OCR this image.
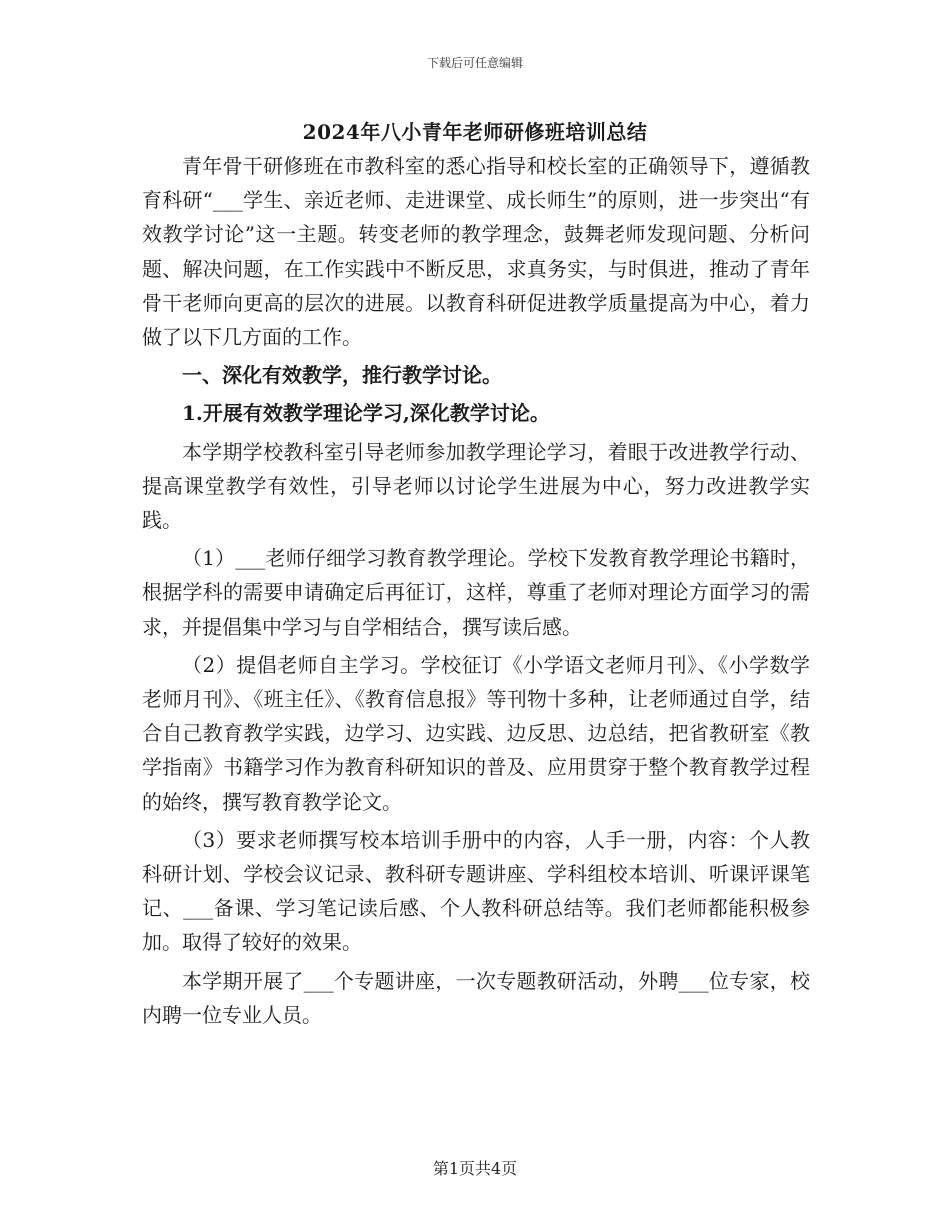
下载后可任意编辑
2024年八小青年老师研修班培训总结

青年骨干研修班在市教科室的悉心指导和校长室的正确领导下，遵循教育科研“___学生、亲近老师、走进课堂、成长师生”的原则，进一步突出“有效教学讨论”这一主题。转变老师的教学理念，鼓舞老师发现问题、分析问题、解决问题，在工作实践中不断反思，求真务实，与时俱进，推动了青年骨干老师向更高的层次的进展。以教育科研促进教学质量提高为中心，着力做了以下几方面的工作。

一、深化有效教学，推行教学讨论。

1.开展有效教学理论学习,深化教学讨论。

本学期学校教科室引导老师参加教学理论学习，着眼于改进教学行动、提高课堂教学有效性，引导老师以讨论学生进展为中心，努力改进教学实践。

（1）___老师仔细学习教育教学理论。学校下发教育教学理论书籍时，根据学科的需要申请确定后再征订，这样，尊重了老师对理论方面学习的需求，并提倡集中学习与自学相结合，撰写读后感。

（2）提倡老师自主学习。学校征订《小学语文老师月刊》、《小学数学老师月刊》、《班主任》、《教育信息报》等刊物十多种，让老师通过自学，结合自己教育教学实践，边学习、边实践、边反思、边总结，把省教研室《教学指南》书籍学习作为教育科研知识的普及、应用贯穿于整个教育教学过程的始终，撰写教育教学论文。

（3）要求老师撰写校本培训手册中的内容，人手一册，内容：个人教科研计划、学校会议记录、教科研专题讲座、学科组校本培训、听课评课笔记、___备课、学习笔记读后感、个人教科研总结等。我们老师都能积极参加。取得了较好的效果。

本学期开展了___个专题讲座，一次专题教研活动，外聘___位专家，校内聘一位专业人员。

第1页共4页
